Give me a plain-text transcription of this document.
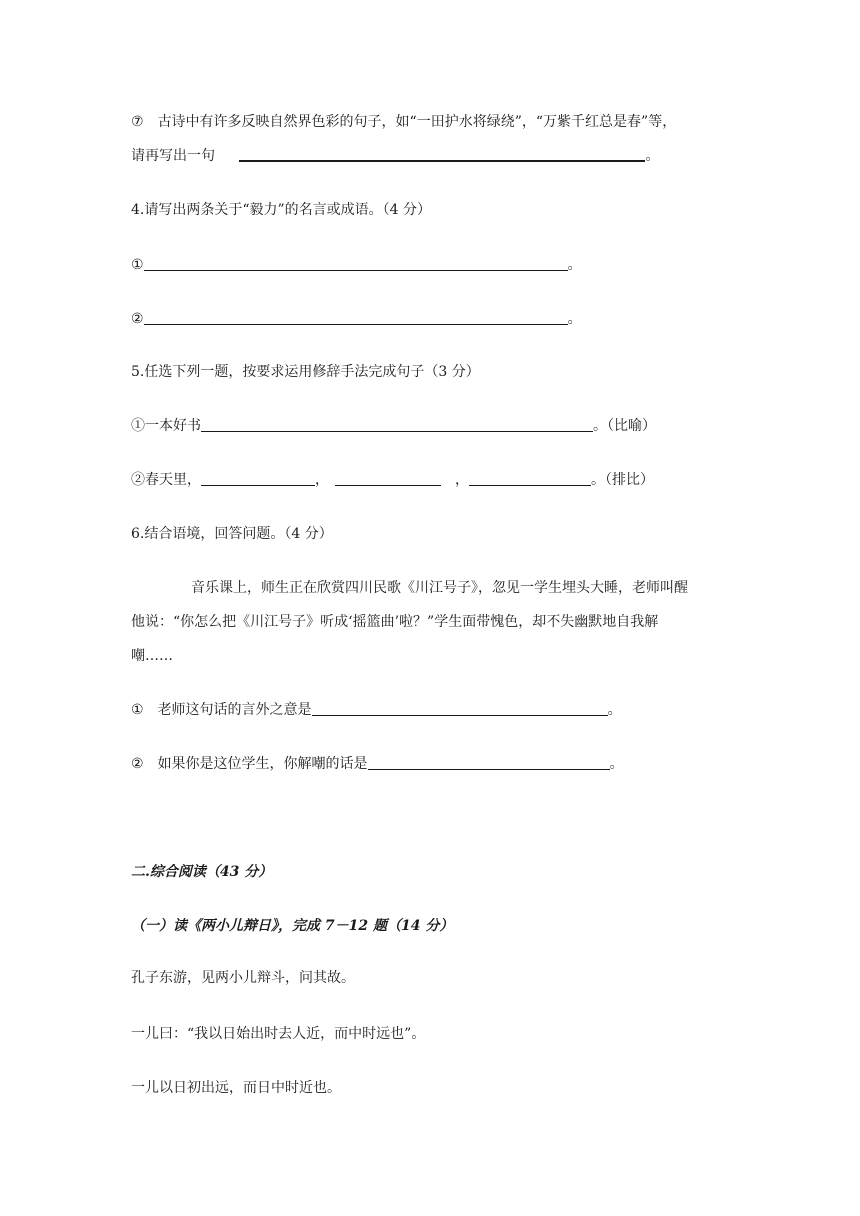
⑦ 古诗中有许多反映自然界色彩的句子，如“一田护水将绿绕”，“万紫千红总是春”等，
请再写出一句	。
4.请写出两条关于“毅力”的名言或成语。（4 分）
①	。
②	。
5.任选下列一题，按要求运用修辞手法完成句子（3 分）
①一本好书	。（比喻）
②春天里，	，	，	。（排比）
6.结合语境，回答问题。（4 分）
音乐课上，师生正在欣赏四川民歌《川江号子》，忽见一学生埋头大睡，老师叫醒
他说：“你怎么把《川江号子》听成‘摇篮曲’啦？”学生面带愧色，却不失幽默地自我解
嘲……
① 老师这句话的言外之意是	。
② 如果你是这位学生，你解嘲的话是	。
二.综合阅读（43 分）
（一）读《两小儿辩日》，完成 7－12 题（14 分）
孔子东游，见两小儿辩斗，问其故。
一儿曰：“我以日始出时去人近，而中时远也”。
一儿以日初出远，而日中时近也。
